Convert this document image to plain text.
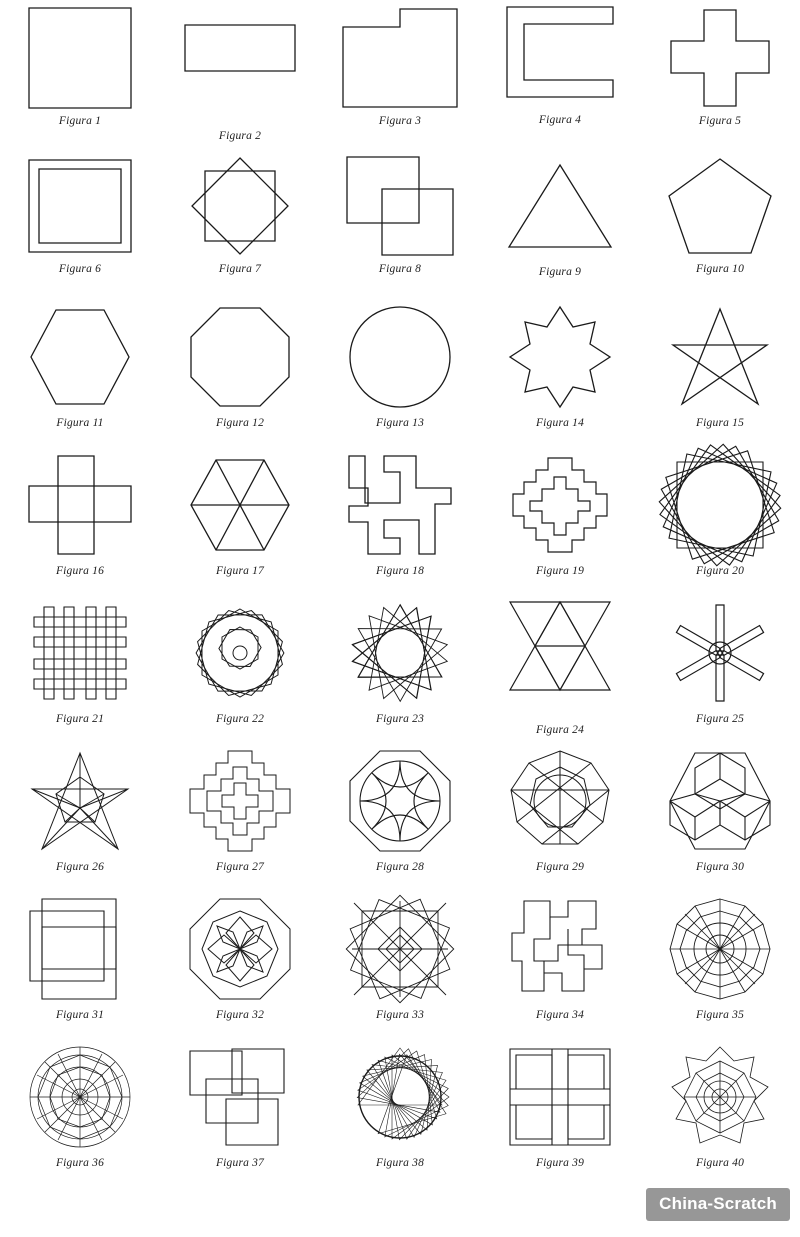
Figura 1
Figura 2
Figura 3	Figura 4	Figura 5
Figura 6	Figura 7	Figura 8	Figura 9	Figura 10
Figura 11	Figura 12	Figura 13	Figura 14	Figura 15
Figura 16	Figura 17	Figura 18	Figura 19	Figura 20
Figura 21	Figura 22	Figura 23
Figura 24
Figura 25
Figura 26	Figura 27	Figura 28	Figura 29	Figura 30
Figura 31	Figura 32	Figura 33	Figura 34	Figura 35
Figura 36	Figura 37	Figura 38	Figura 39	Figura 40
China-Scratch
